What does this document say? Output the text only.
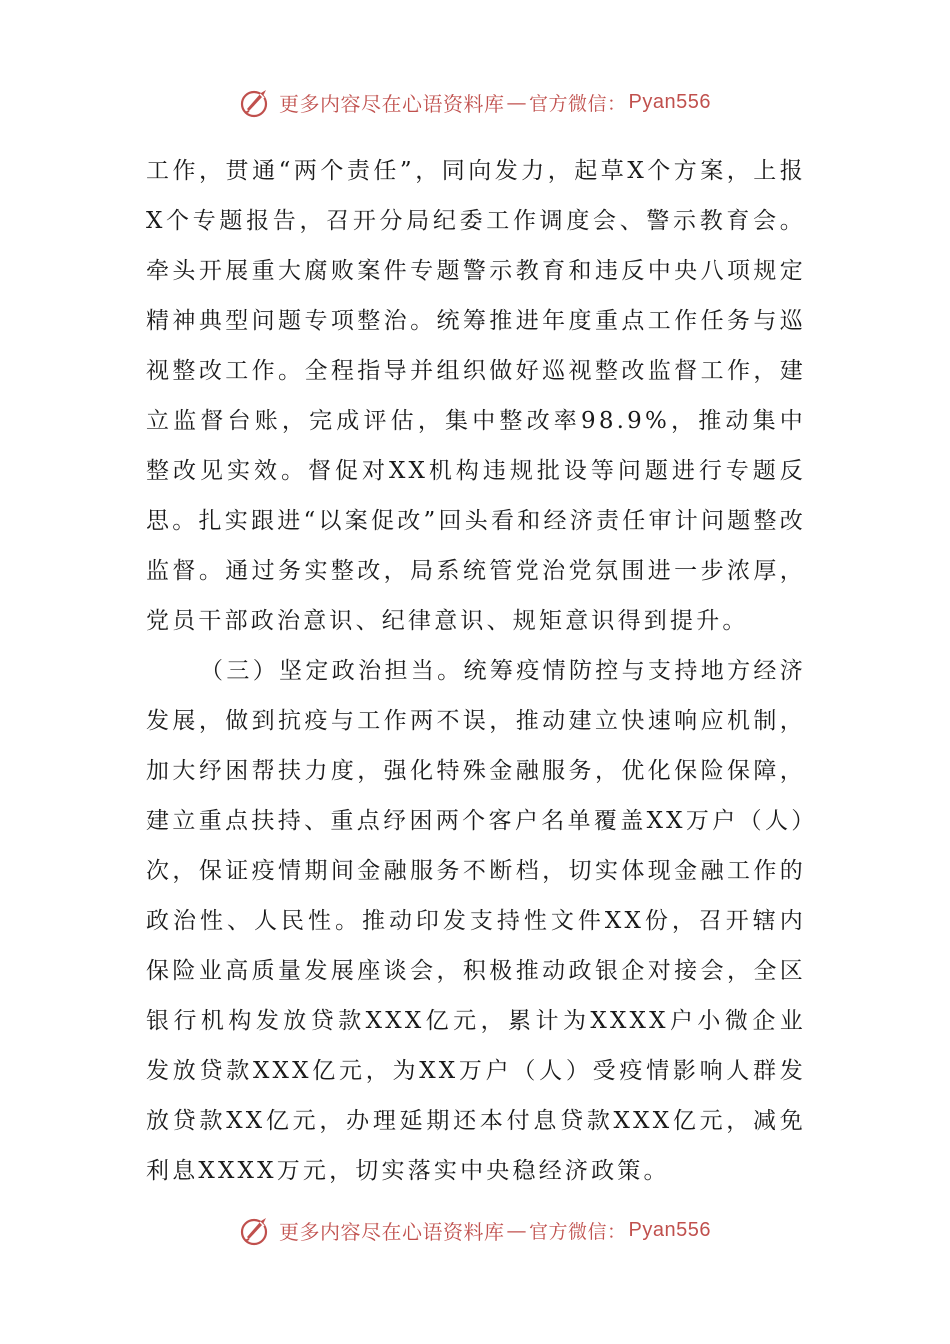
更多内容尽在心语资料库 — 官方微信： Pyan556

工作，贯通“两个责任”，同向发力，起草X个方案，上报X个专题报告，召开分局纪委工作调度会、警示教育会。牵头开展重大腐败案件专题警示教育和违反中央八项规定精神典型问题专项整治。统筹推进年度重点工作任务与巡视整改工作。全程指导并组织做好巡视整改监督工作，建立监督台账，完成评估，集中整改率98.9%，推动集中整改见实效。督促对XX机构违规批设等问题进行专题反思。扎实跟进“以案促改”回头看和经济责任审计问题整改监督。通过务实整改，局系统管党治党氛围进一步浓厚，党员干部政治意识、纪律意识、规矩意识得到提升。

（三）坚定政治担当。统筹疫情防控与支持地方经济发展，做到抗疫与工作两不误，推动建立快速响应机制，加大纾困帮扶力度，强化特殊金融服务，优化保险保障，建立重点扶持、重点纾困两个客户名单覆盖XX万户（人）次，保证疫情期间金融服务不断档，切实体现金融工作的政治性、人民性。推动印发支持性文件XX份，召开辖内保险业高质量发展座谈会，积极推动政银企对接会，全区银行机构发放贷款XXX亿元，累计为XXXX户小微企业发放贷款XXX亿元，为XX万户（人）受疫情影响人群发放贷款XX亿元，办理延期还本付息贷款XXX亿元，减免利息XXXX万元，切实落实中央稳经济政策。

更多内容尽在心语资料库 — 官方微信： Pyan556
